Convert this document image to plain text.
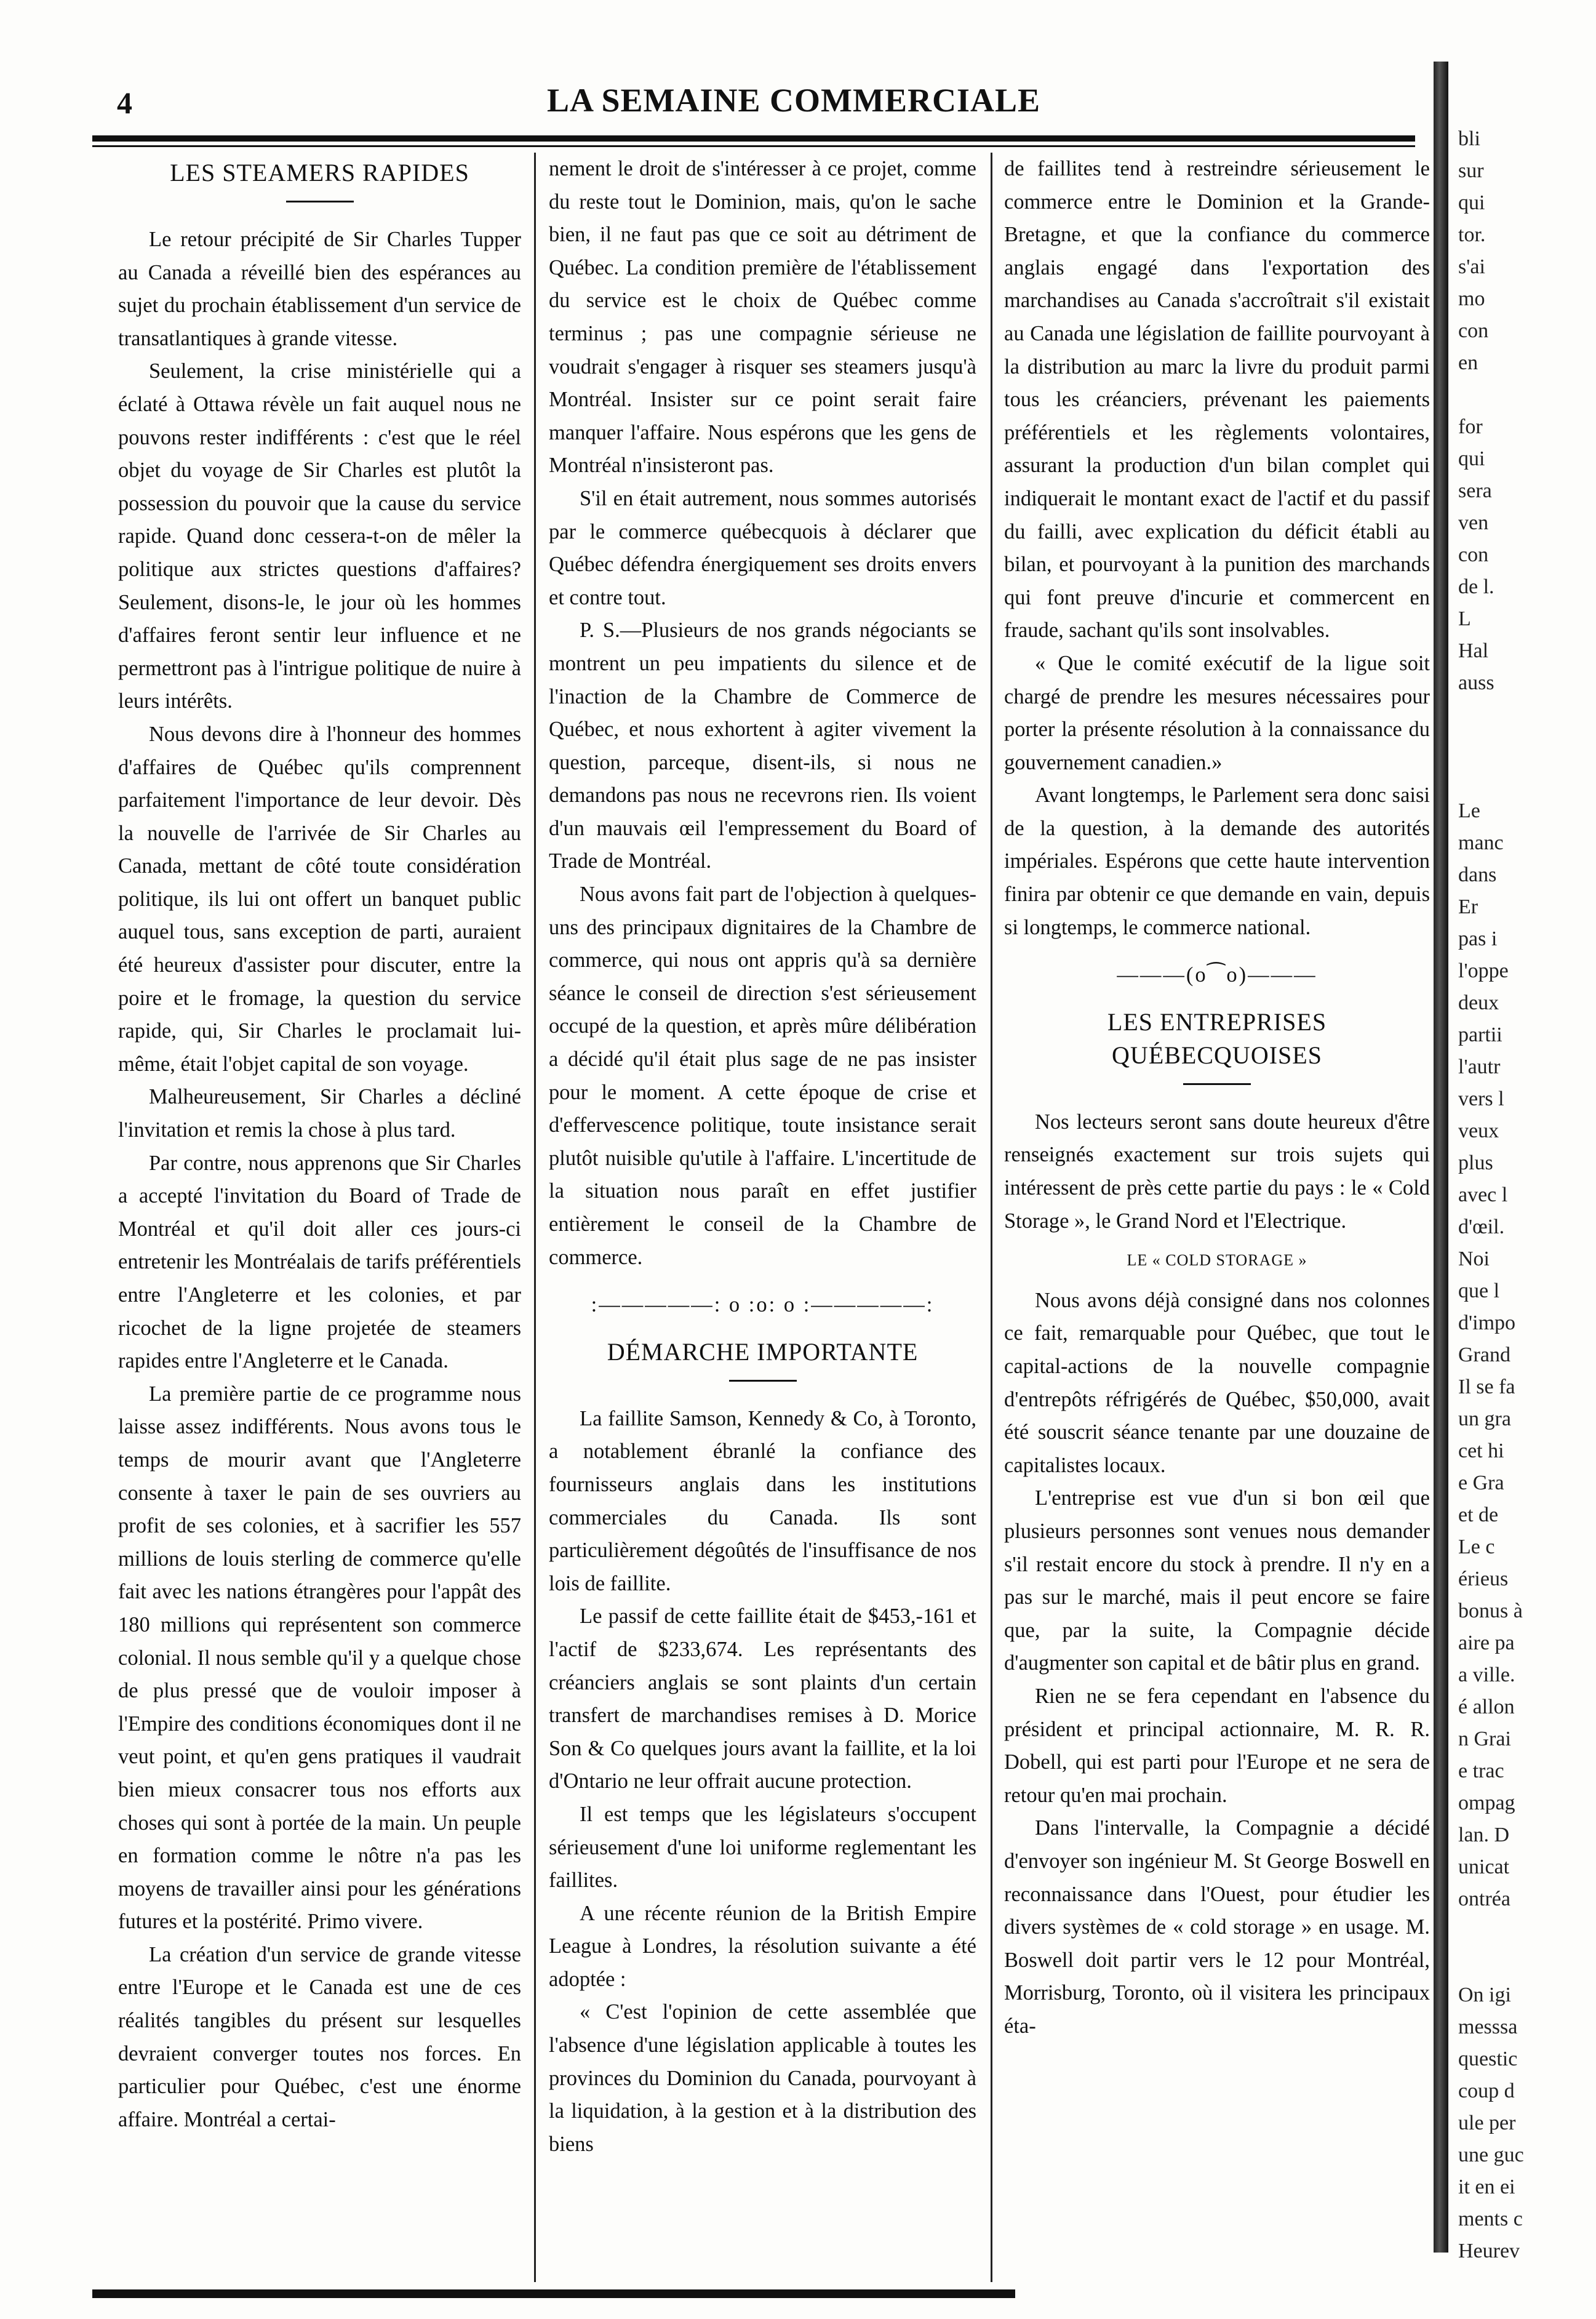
4	LA SEMAINE COMMERCIALE
LES STEAMERS RAPIDES

Le retour précipité de Sir Charles Tupper au Canada a réveillé bien des espérances au sujet du prochain établissement d'un service de transatlantiques à grande vitesse.

Seulement, la crise ministérielle qui a éclaté à Ottawa révèle un fait auquel nous ne pouvons rester indifférents : c'est que le réel objet du voyage de Sir Charles est plutôt la possession du pouvoir que la cause du service rapide. Quand donc cessera-t-on de mêler la politique aux strictes questions d'affaires? Seulement, disons-le, le jour où les hommes d'affaires feront sentir leur influence et ne permettront pas à l'intrigue politique de nuire à leurs intérêts.

Nous devons dire à l'honneur des hommes d'affaires de Québec qu'ils comprennent parfaitement l'importance de leur devoir. Dès la nouvelle de l'arrivée de Sir Charles au Canada, mettant de côté toute considération politique, ils lui ont offert un banquet public auquel tous, sans exception de parti, auraient été heureux d'assister pour discuter, entre la poire et le fromage, la question du service rapide, qui, Sir Charles le proclamait lui-même, était l'objet capital de son voyage.

Malheureusement, Sir Charles a décliné l'invitation et remis la chose à plus tard.

Par contre, nous apprenons que Sir Charles a accepté l'invitation du Board of Trade de Montréal et qu'il doit aller ces jours-ci entretenir les Montréalais de tarifs préférentiels entre l'Angleterre et les colonies, et par ricochet de la ligne projetée de steamers rapides entre l'Angleterre et le Canada.

La première partie de ce programme nous laisse assez indifférents. Nous avons tous le temps de mourir avant que l'Angleterre consente à taxer le pain de ses ouvriers au profit de ses colonies, et à sacrifier les 557 millions de louis sterling de commerce qu'elle fait avec les nations étrangères pour l'appât des 180 millions qui représentent son commerce colonial. Il nous semble qu'il y a quelque chose de plus pressé que de vouloir imposer à l'Empire des conditions économiques dont il ne veut point, et qu'en gens pratiques il vaudrait bien mieux consacrer tous nos efforts aux choses qui sont à portée de la main. Un peuple en formation comme le nôtre n'a pas les moyens de travailler ainsi pour les générations futures et la postérité. Primo vivere.

La création d'un service de grande vitesse entre l'Europe et le Canada est une de ces réalités tangibles du présent sur lesquelles devraient converger toutes nos forces. En particulier pour Québec, c'est une énorme affaire. Montréal a certai-

nement le droit de s'intéresser à ce projet, comme du reste tout le Dominion, mais, qu'on le sache bien, il ne faut pas que ce soit au détriment de Québec. La condition première de l'établissement du service est le choix de Québec comme terminus ; pas une compagnie sérieuse ne voudrait s'engager à risquer ses steamers jusqu'à Montréal. Insister sur ce point serait faire manquer l'affaire. Nous espérons que les gens de Montréal n'insisteront pas.

S'il en était autrement, nous sommes autorisés par le commerce québecquois à déclarer que Québec défendra énergiquement ses droits envers et contre tout.

P. S.—Plusieurs de nos grands négociants se montrent un peu impatients du silence et de l'inaction de la Chambre de Commerce de Québec, et nous exhortent à agiter vivement la question, parceque, disent-ils, si nous ne demandons pas nous ne recevrons rien. Ils voient d'un mauvais œil l'empressement du Board of Trade de Montréal.

Nous avons fait part de l'objection à quelques-uns des principaux dignitaires de la Chambre de commerce, qui nous ont appris qu'à sa dernière séance le conseil de direction s'est sérieusement occupé de la question, et après mûre délibération a décidé qu'il était plus sage de ne pas insister pour le moment. A cette époque de crise et d'effervescence politique, toute insistance serait plutôt nuisible qu'utile à l'affaire. L'incertitude de la situation nous paraît en effet justifier entièrement le conseil de la Chambre de commerce.

:—————: o :o: o :—————:
DÉMARCHE IMPORTANTE

La faillite Samson, Kennedy & Co, à Toronto, a notablement ébranlé la confiance des fournisseurs anglais dans les institutions commerciales du Canada. Ils sont particulièrement dégoûtés de l'insuffisance de nos lois de faillite.

Le passif de cette faillite était de $453,-161 et l'actif de $233,674. Les représentants des créanciers anglais se sont plaints d'un certain transfert de marchandises remises à D. Morice Son & Co quelques jours avant la faillite, et la loi d'Ontario ne leur offrait aucune protection.

Il est temps que les législateurs s'occupent sérieusement d'une loi uniforme reglementant les faillites.

A une récente réunion de la British Empire League à Londres, la résolution suivante a été adoptée :

« C'est l'opinion de cette assemblée que l'absence d'une législation applicable à toutes les provinces du Dominion du Canada, pourvoyant à la liquidation, à la gestion et à la distribution des biens

de faillites tend à restreindre sérieusement le commerce entre le Dominion et la Grande-Bretagne, et que la confiance du commerce anglais engagé dans l'exportation des marchandises au Canada s'accroîtrait s'il existait au Canada une législation de faillite pourvoyant à la distribution au marc la livre du produit parmi tous les créanciers, prévenant les paiements préférentiels et les règlements volontaires, assurant la production d'un bilan complet qui indiquerait le montant exact de l'actif et du passif du failli, avec explication du déficit établi au bilan, et pourvoyant à la punition des marchands qui font preuve d'incurie et commercent en fraude, sachant qu'ils sont insolvables.

« Que le comité exécutif de la ligue soit chargé de prendre les mesures nécessaires pour porter la présente résolution à la connaissance du gouvernement canadien.»

Avant longtemps, le Parlement sera donc saisi de la question, à la demande des autorités impériales. Espérons que cette haute intervention finira par obtenir ce que demande en vain, depuis si longtemps, le commerce national.

———(o⁀o)———
LES ENTREPRISES QUÉBECQUOISES

Nos lecteurs seront sans doute heureux d'être renseignés exactement sur trois sujets qui intéressent de près cette partie du pays : le « Cold Storage », le Grand Nord et l'Electrique.

LE « COLD STORAGE »

Nous avons déjà consigné dans nos colonnes ce fait, remarquable pour Québec, que tout le capital-actions de la nouvelle compagnie d'entrepôts réfrigérés de Québec, $50,000, avait été souscrit séance tenante par une douzaine de capitalistes locaux.

L'entreprise est vue d'un si bon œil que plusieurs personnes sont venues nous demander s'il restait encore du stock à prendre. Il n'y en a pas sur le marché, mais il peut encore se faire que, par la suite, la Compagnie décide d'augmenter son capital et de bâtir plus en grand.

Rien ne se fera cependant en l'absence du président et principal actionnaire, M. R. R. Dobell, qui est parti pour l'Europe et ne sera de retour qu'en mai prochain.

Dans l'intervalle, la Compagnie a décidé d'envoyer son ingénieur M. St George Boswell en reconnaissance dans l'Ouest, pour étudier les divers systèmes de « cold storage » en usage. M. Boswell doit partir vers le 12 pour Montréal, Morrisburg, Toronto, où il visitera les principaux éta-

bli
sur
qui
tor.
s'ai
mo
con
en
for
qui
sera
ven
con
de l.
L
Hal
auss
Le
manc
dans
Er
pas i
l'oppe
deux
partii
l'autr
vers l
veux
plus
avec l
d'œil.
Noi
que l
d'impo
Grand
Il se fa
un gra
cet hi
e Gra
et de
Le c
érieus
bonus à
aire pa
a ville.
é allon
n Grai
e trac
ompag
lan. D
unicat
ontréa
On igi
messsa
questic
coup d
ule per
une guc
it en ei
ments c
Heurev
